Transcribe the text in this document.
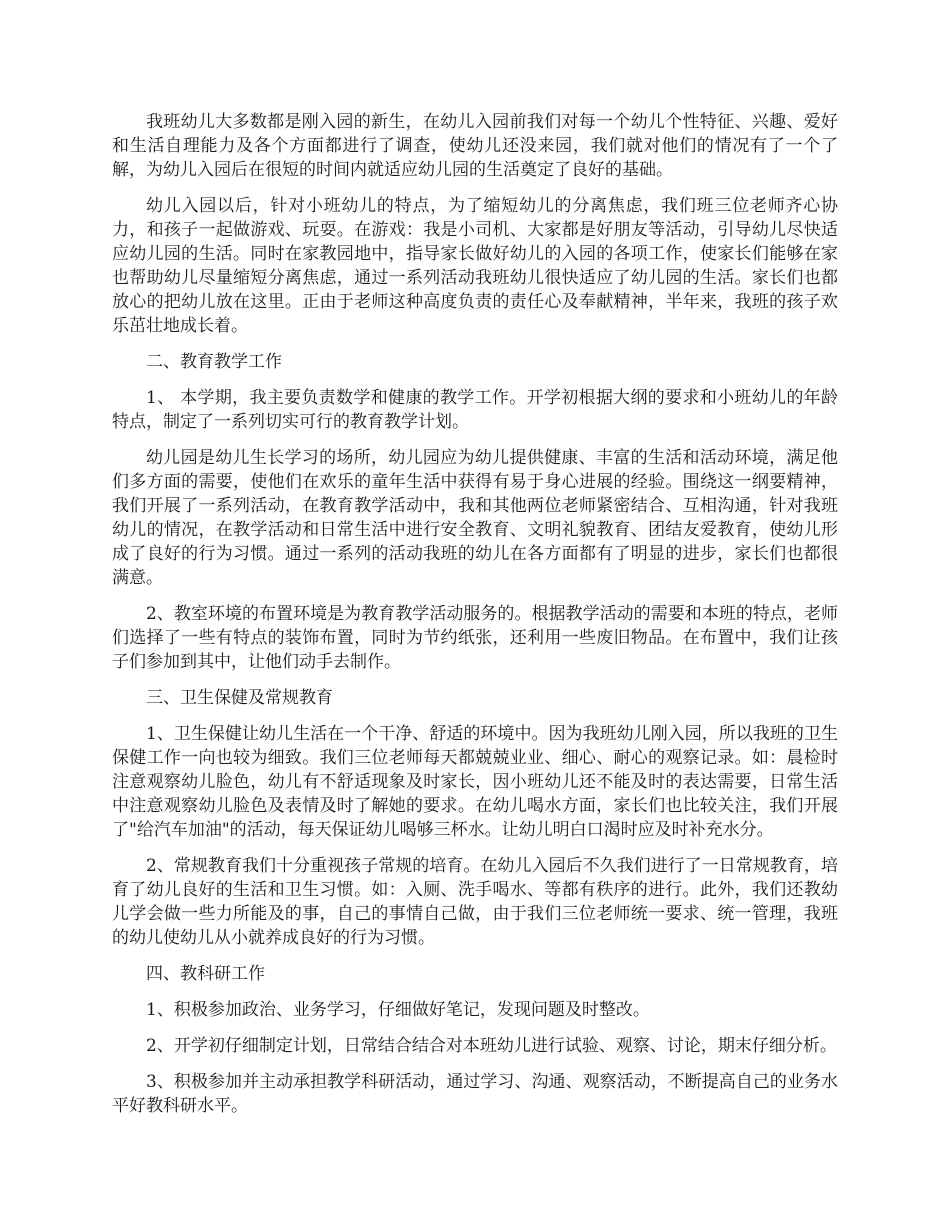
我班幼儿大多数都是刚入园的新生，在幼儿入园前我们对每一个幼儿个性特征、兴趣、爱好和生活自理能力及各个方面都进行了调查，使幼儿还没来园，我们就对他们的情况有了一个了解，为幼儿入园后在很短的时间内就适应幼儿园的生活奠定了良好的基础。

幼儿入园以后，针对小班幼儿的特点，为了缩短幼儿的分离焦虑，我们班三位老师齐心协力，和孩子一起做游戏、玩耍。在游戏：我是小司机、大家都是好朋友等活动，引导幼儿尽快适应幼儿园的生活。同时在家教园地中，指导家长做好幼儿的入园的各项工作，使家长们能够在家也帮助幼儿尽量缩短分离焦虑，通过一系列活动我班幼儿很快适应了幼儿园的生活。家长们也都放心的把幼儿放在这里。正由于老师这种高度负责的责任心及奉献精神，半年来，我班的孩子欢乐茁壮地成长着。

二、教育教学工作

1、 本学期，我主要负责数学和健康的教学工作。开学初根据大纲的要求和小班幼儿的年龄特点，制定了一系列切实可行的教育教学计划。

幼儿园是幼儿生长学习的场所，幼儿园应为幼儿提供健康、丰富的生活和活动环境，满足他们多方面的需要，使他们在欢乐的童年生活中获得有易于身心进展的经验。围绕这一纲要精神，我们开展了一系列活动，在教育教学活动中，我和其他两位老师紧密结合、互相沟通，针对我班幼儿的情况，在教学活动和日常生活中进行安全教育、文明礼貌教育、团结友爱教育，使幼儿形成了良好的行为习惯。通过一系列的活动我班的幼儿在各方面都有了明显的进步，家长们也都很满意。

2、教室环境的布置环境是为教育教学活动服务的。根据教学活动的需要和本班的特点，老师们选择了一些有特点的装饰布置，同时为节约纸张，还利用一些废旧物品。在布置中，我们让孩子们参加到其中，让他们动手去制作。

三、卫生保健及常规教育

1、卫生保健让幼儿生活在一个干净、舒适的环境中。因为我班幼儿刚入园，所以我班的卫生保健工作一向也较为细致。我们三位老师每天都兢兢业业、细心、耐心的观察记录。如：晨检时注意观察幼儿脸色，幼儿有不舒适现象及时家长，因小班幼儿还不能及时的表达需要，日常生活中注意观察幼儿脸色及表情及时了解她的要求。在幼儿喝水方面，家长们也比较关注，我们开展了"给汽车加油"的活动，每天保证幼儿喝够三杯水。让幼儿明白口渴时应及时补充水分。

2、常规教育我们十分重视孩子常规的培育。在幼儿入园后不久我们进行了一日常规教育，培育了幼儿良好的生活和卫生习惯。如：入厕、洗手喝水、等都有秩序的进行。此外，我们还教幼儿学会做一些力所能及的事，自己的事情自己做，由于我们三位老师统一要求、统一管理，我班的幼儿使幼儿从小就养成良好的行为习惯。

四、教科研工作

1、积极参加政治、业务学习，仔细做好笔记，发现问题及时整改。

2、开学初仔细制定计划，日常结合结合对本班幼儿进行试验、观察、讨论，期末仔细分析。

3、积极参加并主动承担教学科研活动，通过学习、沟通、观察活动，不断提高自己的业务水平好教科研水平。
